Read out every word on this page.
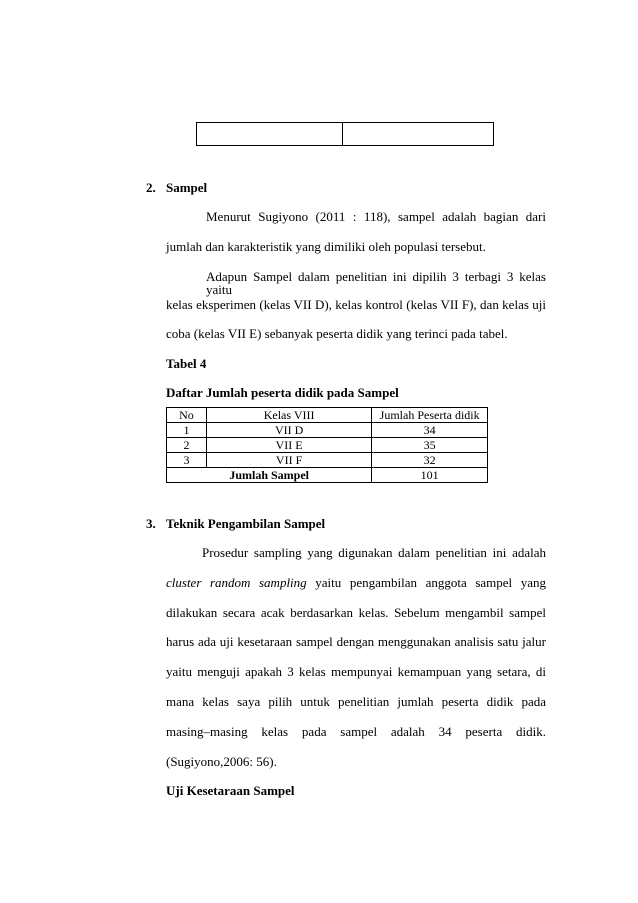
2. Sampel
Menurut Sugiyono (2011 : 118), sampel adalah bagian dari
jumlah dan karakteristik yang dimiliki oleh populasi tersebut.
Adapun Sampel dalam penelitian ini dipilih 3 terbagi 3 kelas yaitu
kelas eksperimen (kelas VII D), kelas kontrol (kelas VII F), dan kelas uji
coba (kelas VII E) sebanyak peserta didik yang terinci pada tabel.
Tabel 4
Daftar Jumlah peserta didik pada Sampel
No	Kelas VIII	Jumlah Peserta didik
1	VII D	34
2	VII E	35
3	VII F	32
Jumlah Sampel		101
3. Teknik Pengambilan Sampel
Prosedur sampling yang digunakan dalam penelitian ini adalah
cluster random sampling yaitu pengambilan anggota sampel yang
dilakukan secara acak berdasarkan kelas. Sebelum mengambil sampel
harus ada uji kesetaraan sampel dengan menggunakan analisis satu jalur
yaitu menguji apakah 3 kelas mempunyai kemampuan yang setara, di
mana kelas saya pilih untuk penelitian jumlah peserta didik pada
masing–masing kelas pada sampel adalah 34 peserta didik.
(Sugiyono,2006: 56).
Uji Kesetaraan Sampel
